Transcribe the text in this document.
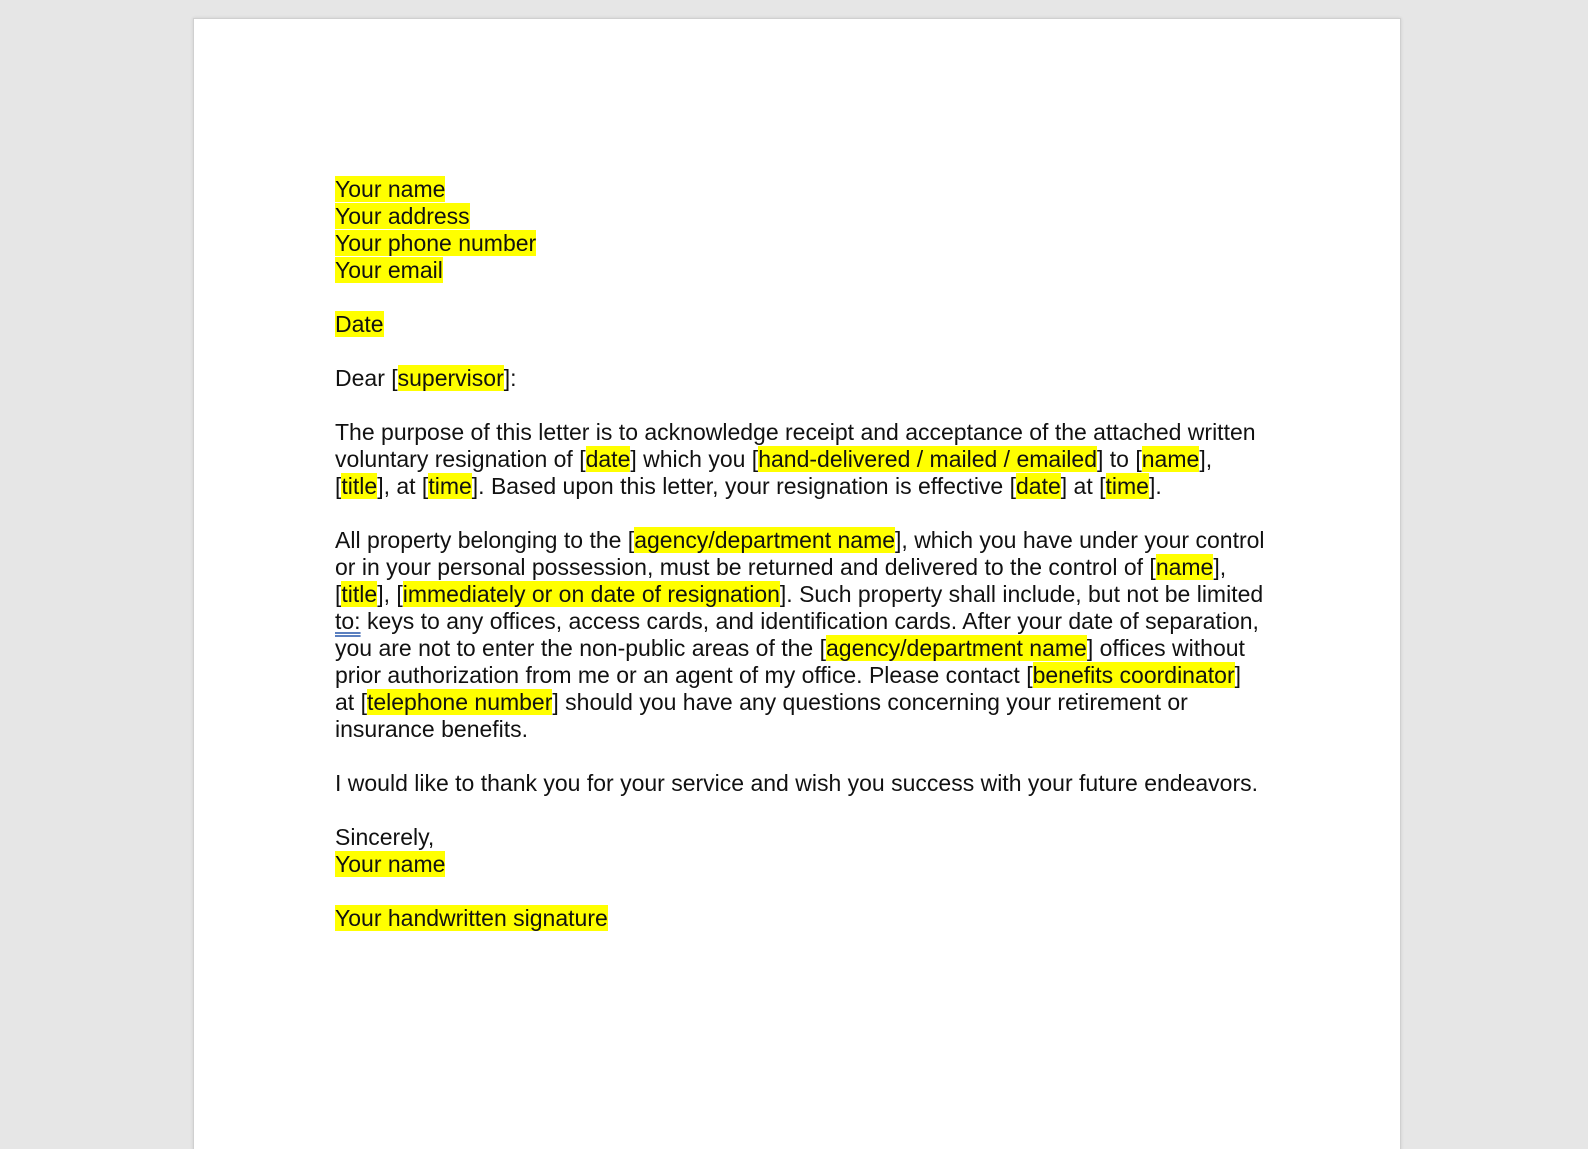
Your name
Your address
Your phone number
Your email
Date
Dear [supervisor]:
The purpose of this letter is to acknowledge receipt and acceptance of the attached written voluntary resignation of [date] which you [hand-delivered / mailed / emailed] to [name], [title], at [time]. Based upon this letter, your resignation is effective [date] at [time].
All property belonging to the [agency/department name], which you have under your control or in your personal possession, must be returned and delivered to the control of [name], [title], [immediately or on date of resignation]. Such property shall include, but not be limited to: keys to any offices, access cards, and identification cards. After your date of separation, you are not to enter the non-public areas of the [agency/department name] offices without prior authorization from me or an agent of my office. Please contact [benefits coordinator] at [telephone number] should you have any questions concerning your retirement or insurance benefits.
I would like to thank you for your service and wish you success with your future endeavors.
Sincerely,
Your name
Your handwritten signature
